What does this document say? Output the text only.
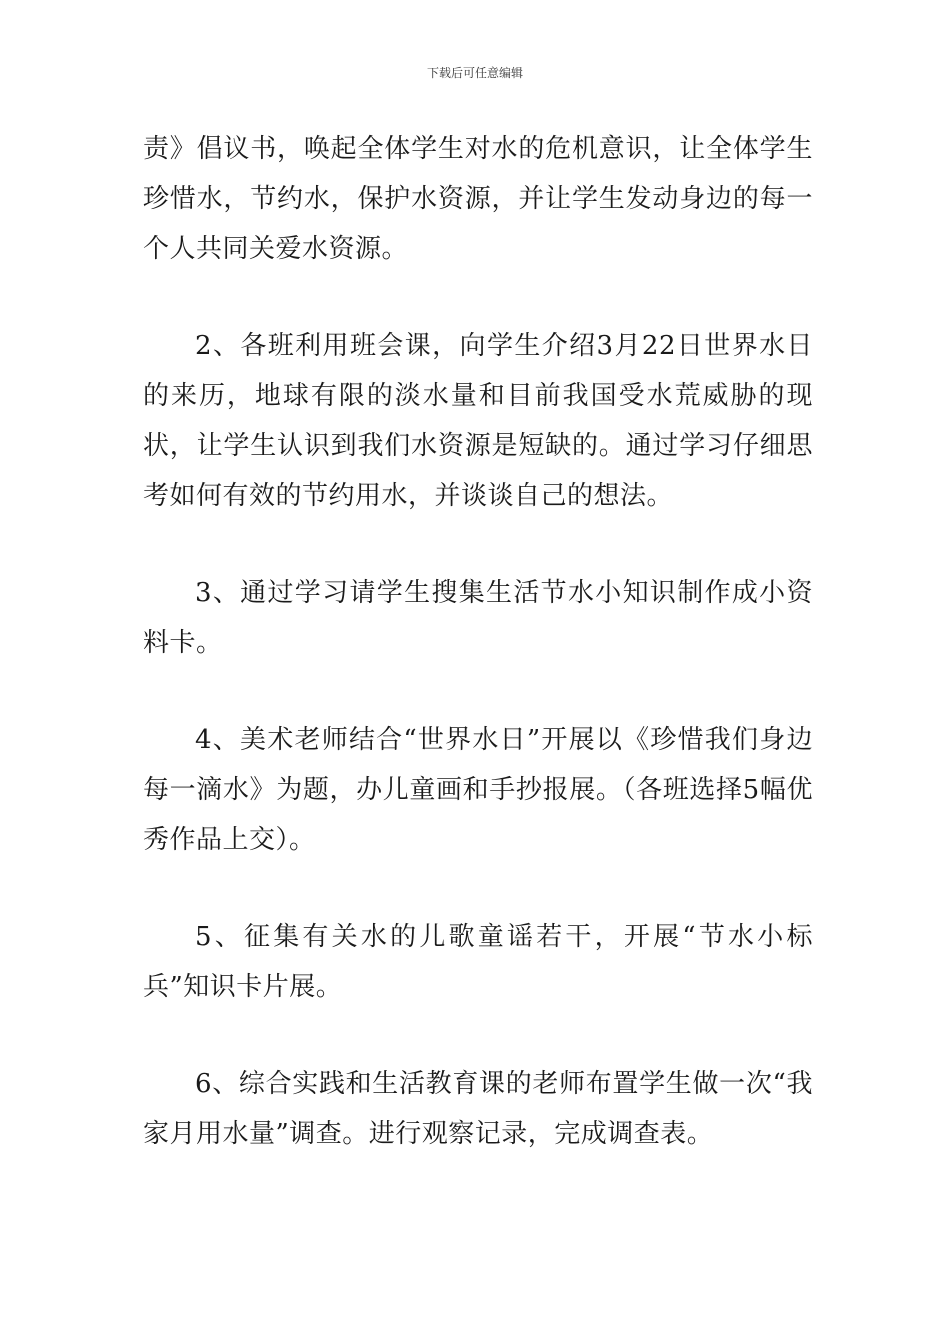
下载后可任意编辑

责》倡议书，唤起全体学生对水的危机意识，让全体学生珍惜水，节约水，保护水资源，并让学生发动身边的每一个人共同关爱水资源。

2、各班利用班会课，向学生介绍3月22日世界水日的来历，地球有限的淡水量和目前我国受水荒威胁的现状，让学生认识到我们水资源是短缺的。通过学习仔细思考如何有效的节约用水，并谈谈自己的想法。

3、通过学习请学生搜集生活节水小知识制作成小资料卡。

4、美术老师结合“世界水日”开展以《珍惜我们身边每一滴水》为题，办儿童画和手抄报展。（各班选择5幅优秀作品上交）。

5、征集有关水的儿歌童谣若干，开展“节水小标兵”知识卡片展。

6、综合实践和生活教育课的老师布置学生做一次“我家月用水量”调查。进行观察记录，完成调查表。
